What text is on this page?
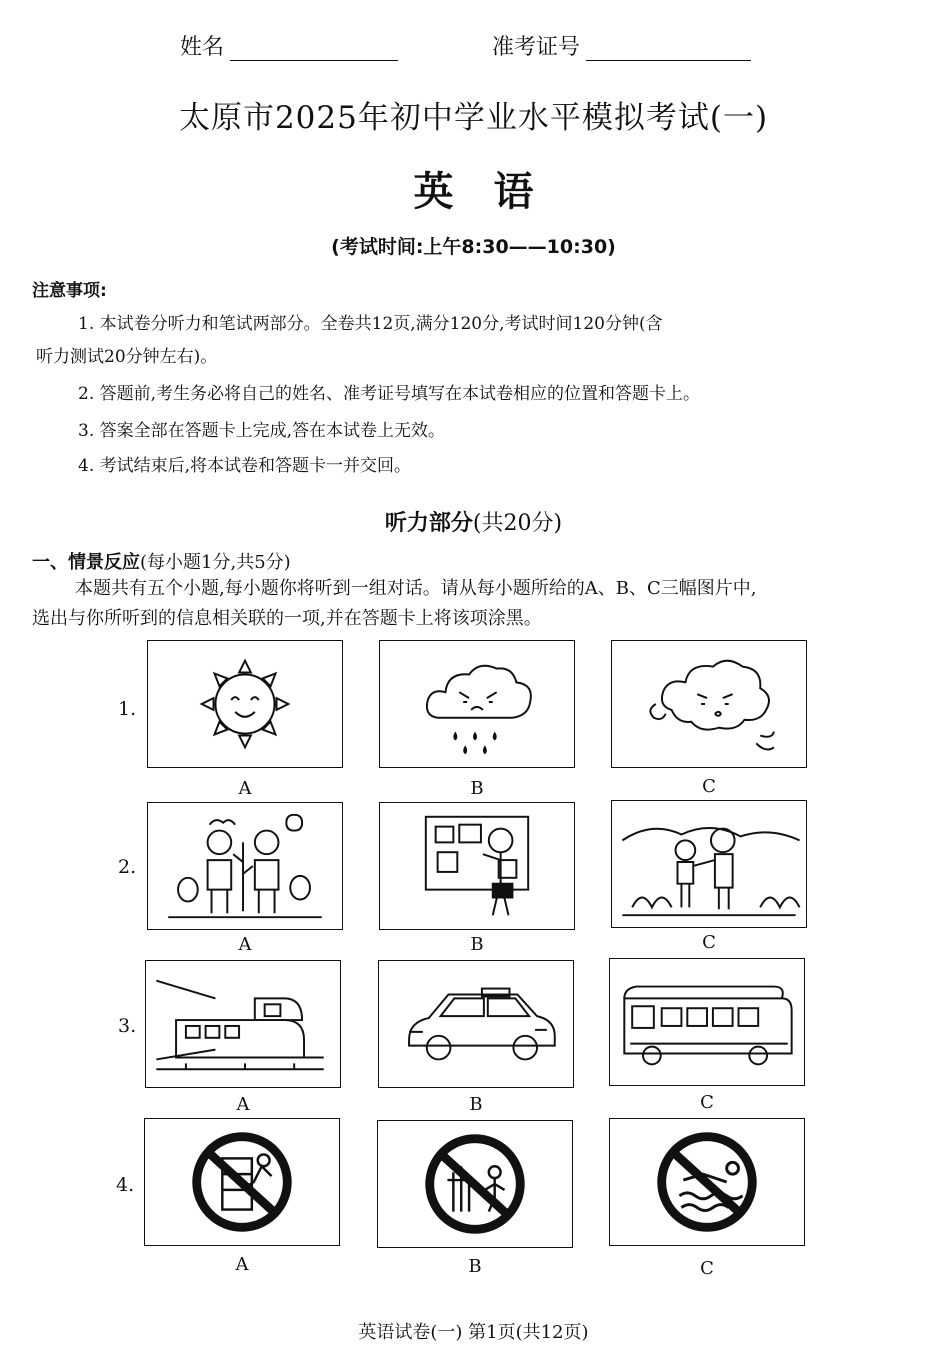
姓名	准考证号
太原市2025年初中学业水平模拟考试(一)
英语
(考试时间:上午8:30——10:30)
注意事项:
1. 本试卷分听力和笔试两部分。全卷共12页,满分120分,考试时间120分钟(含
听力测试20分钟左右)。
2. 答题前,考生务必将自己的姓名、准考证号填写在本试卷相应的位置和答题卡上。
3. 答案全部在答题卡上完成,答在本试卷上无效。
4. 考试结束后,将本试卷和答题卡一并交回。
听力部分(共20分)
一、情景反应(每小题1分,共5分)
本题共有五个小题,每小题你将听到一组对话。请从每小题所给的A、B、C三幅图片中,
选出与你所听到的信息相关联的一项,并在答题卡上将该项涂黑。
1.
A	B	C
2.
A	B	C
3.
A	B	C
4.
A	B	C
英语试卷(一) 第1页(共12页)
